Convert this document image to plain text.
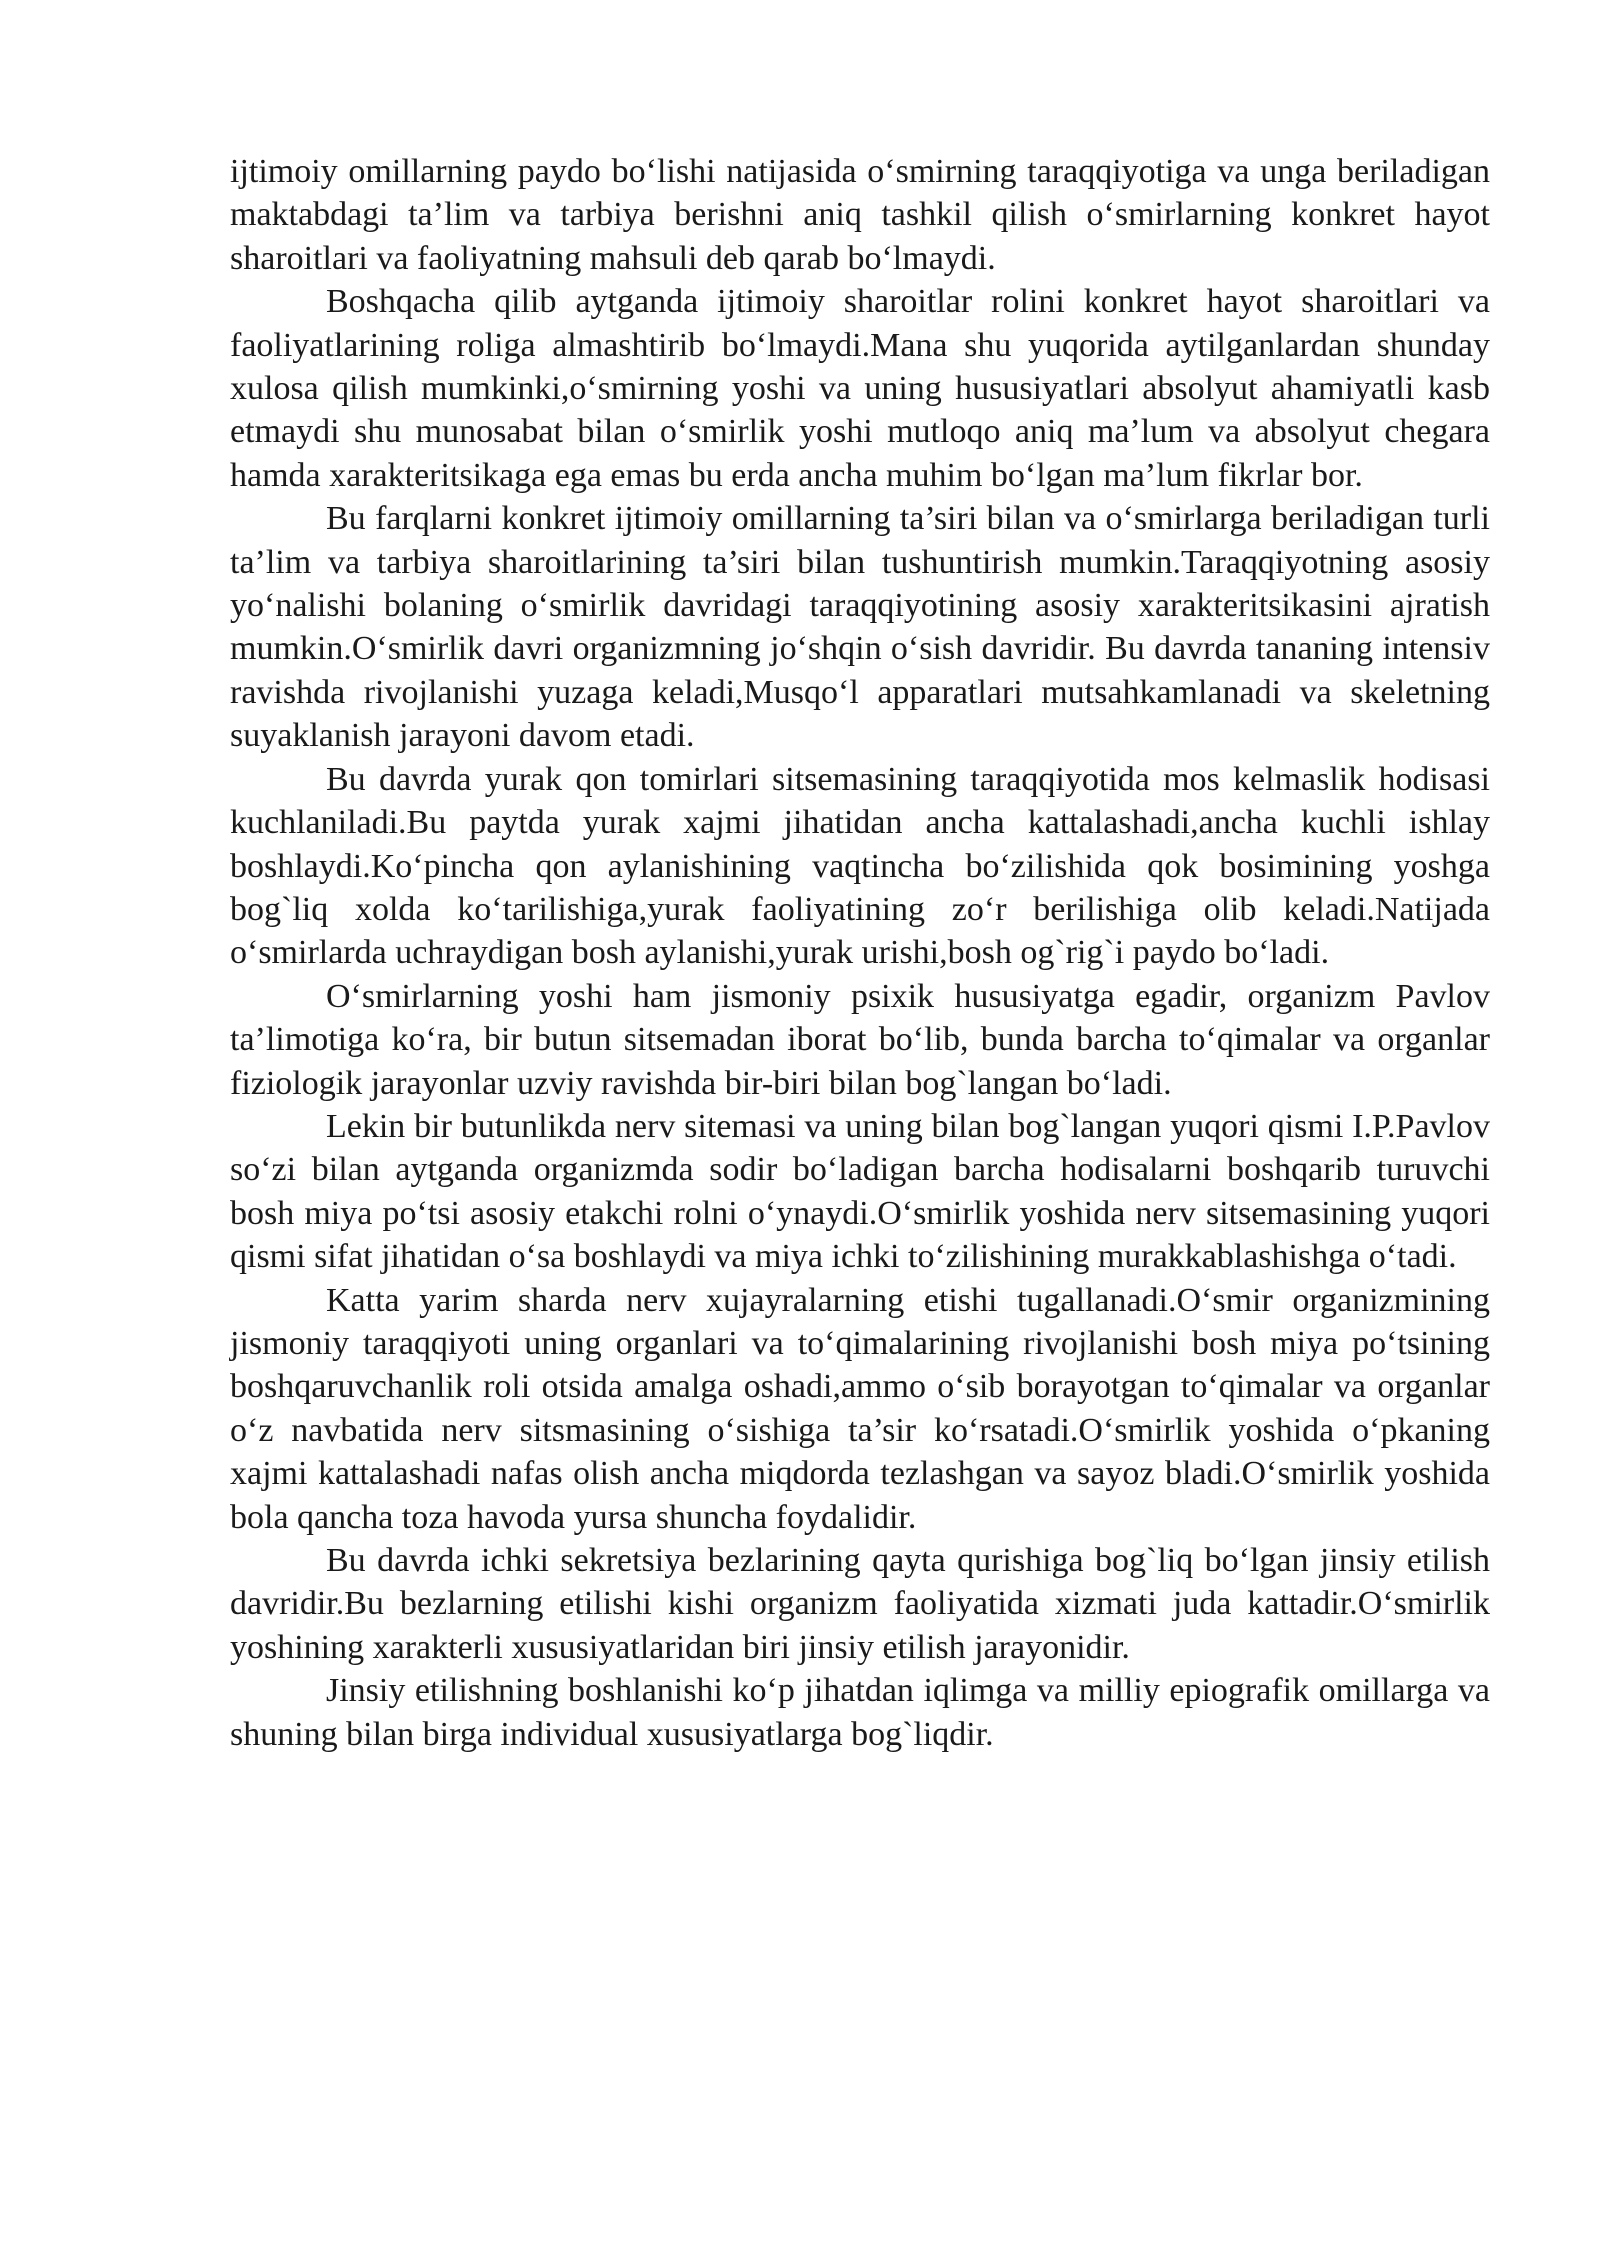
ijtimoiy omillarning paydo bo‘lishi natijasida o‘smirning taraqqiyotiga va unga beriladigan maktabdagi ta’lim va tarbiya berishni aniq tashkil qilish o‘smirlarning konkret hayot sharoitlari va faoliyatning mahsuli deb qarab bo‘lmaydi.

Boshqacha qilib aytganda ijtimoiy sharoitlar rolini konkret hayot sharoitlari va faoliyatlarining roliga almashtirib bo‘lmaydi.Mana shu yuqorida aytilganlardan shunday xulosa qilish mumkinki,o‘smirning yoshi va uning hususiyatlari absolyut ahamiyatli kasb etmaydi shu munosabat bilan o‘smirlik yoshi mutloqo aniq ma’lum va absolyut chegara hamda xarakteritsikaga ega emas bu erda ancha muhim bo‘lgan ma’lum fikrlar bor.

Bu farqlarni konkret ijtimoiy omillarning ta’siri bilan va o‘smirlarga beriladigan turli ta’lim va tarbiya sharoitlarining ta’siri bilan tushuntirish mumkin.Taraqqiyotning asosiy yo‘nalishi bolaning o‘smirlik davridagi taraqqiyotining asosiy xarakteritsikasini ajratish mumkin.O‘smirlik davri organizmning jo‘shqin o‘sish davridir. Bu davrda tananing intensiv ravishda rivojlanishi yuzaga keladi,Musqo‘l apparatlari mutsahkamlanadi va skeletning suyaklanish jarayoni davom etadi.

Bu davrda yurak qon tomirlari sitsemasining taraqqiyotida mos kelmaslik hodisasi kuchlaniladi.Bu paytda yurak xajmi jihatidan ancha kattalashadi,ancha kuchli ishlay boshlaydi.Ko‘pincha qon aylanishining vaqtincha bo‘zilishida qok bosimining yoshga bog`liq xolda ko‘tarilishiga,yurak faoliyatining zo‘r berilishiga olib keladi.Natijada o‘smirlarda uchraydigan bosh aylanishi,yurak urishi,bosh og`rig`i paydo bo‘ladi.

O‘smirlarning yoshi ham jismoniy psixik hususiyatga egadir, organizm Pavlov ta’limotiga ko‘ra, bir butun sitsemadan iborat bo‘lib, bunda barcha to‘qimalar va organlar fiziologik jarayonlar uzviy ravishda bir-biri bilan bog`langan bo‘ladi.

Lekin bir butunlikda nerv sitemasi va uning bilan bog`langan yuqori qismi I.P.Pavlov so‘zi bilan aytganda organizmda sodir bo‘ladigan barcha hodisalarni boshqarib turuvchi bosh miya po‘tsi asosiy etakchi rolni o‘ynaydi.O‘smirlik yoshida nerv sitsemasining yuqori qismi sifat jihatidan o‘sa boshlaydi va miya ichki to‘zilishining murakkablashishga o‘tadi.

Katta yarim sharda nerv xujayralarning etishi tugallanadi.O‘smir organizmining jismoniy taraqqiyoti uning organlari va to‘qimalarining rivojlanishi bosh miya po‘tsining boshqaruvchanlik roli otsida amalga oshadi,ammo o‘sib borayotgan to‘qimalar va organlar o‘z navbatida nerv sitsmasining o‘sishiga ta’sir ko‘rsatadi.O‘smirlik yoshida o‘pkaning xajmi kattalashadi nafas olish ancha miqdorda tezlashgan va sayoz bladi.O‘smirlik yoshida bola qancha toza havoda yursa shuncha foydalidir.

Bu davrda ichki sekretsiya bezlarining qayta qurishiga bog`liq bo‘lgan jinsiy etilish davridir.Bu bezlarning etilishi kishi organizm faoliyatida xizmati juda kattadir.O‘smirlik yoshining xarakterli xususiyatlaridan biri jinsiy etilish jarayonidir.

Jinsiy etilishning boshlanishi ko‘p jihatdan iqlimga va milliy epiografik omillarga va shuning bilan birga individual xususiyatlarga bog`liqdir.
